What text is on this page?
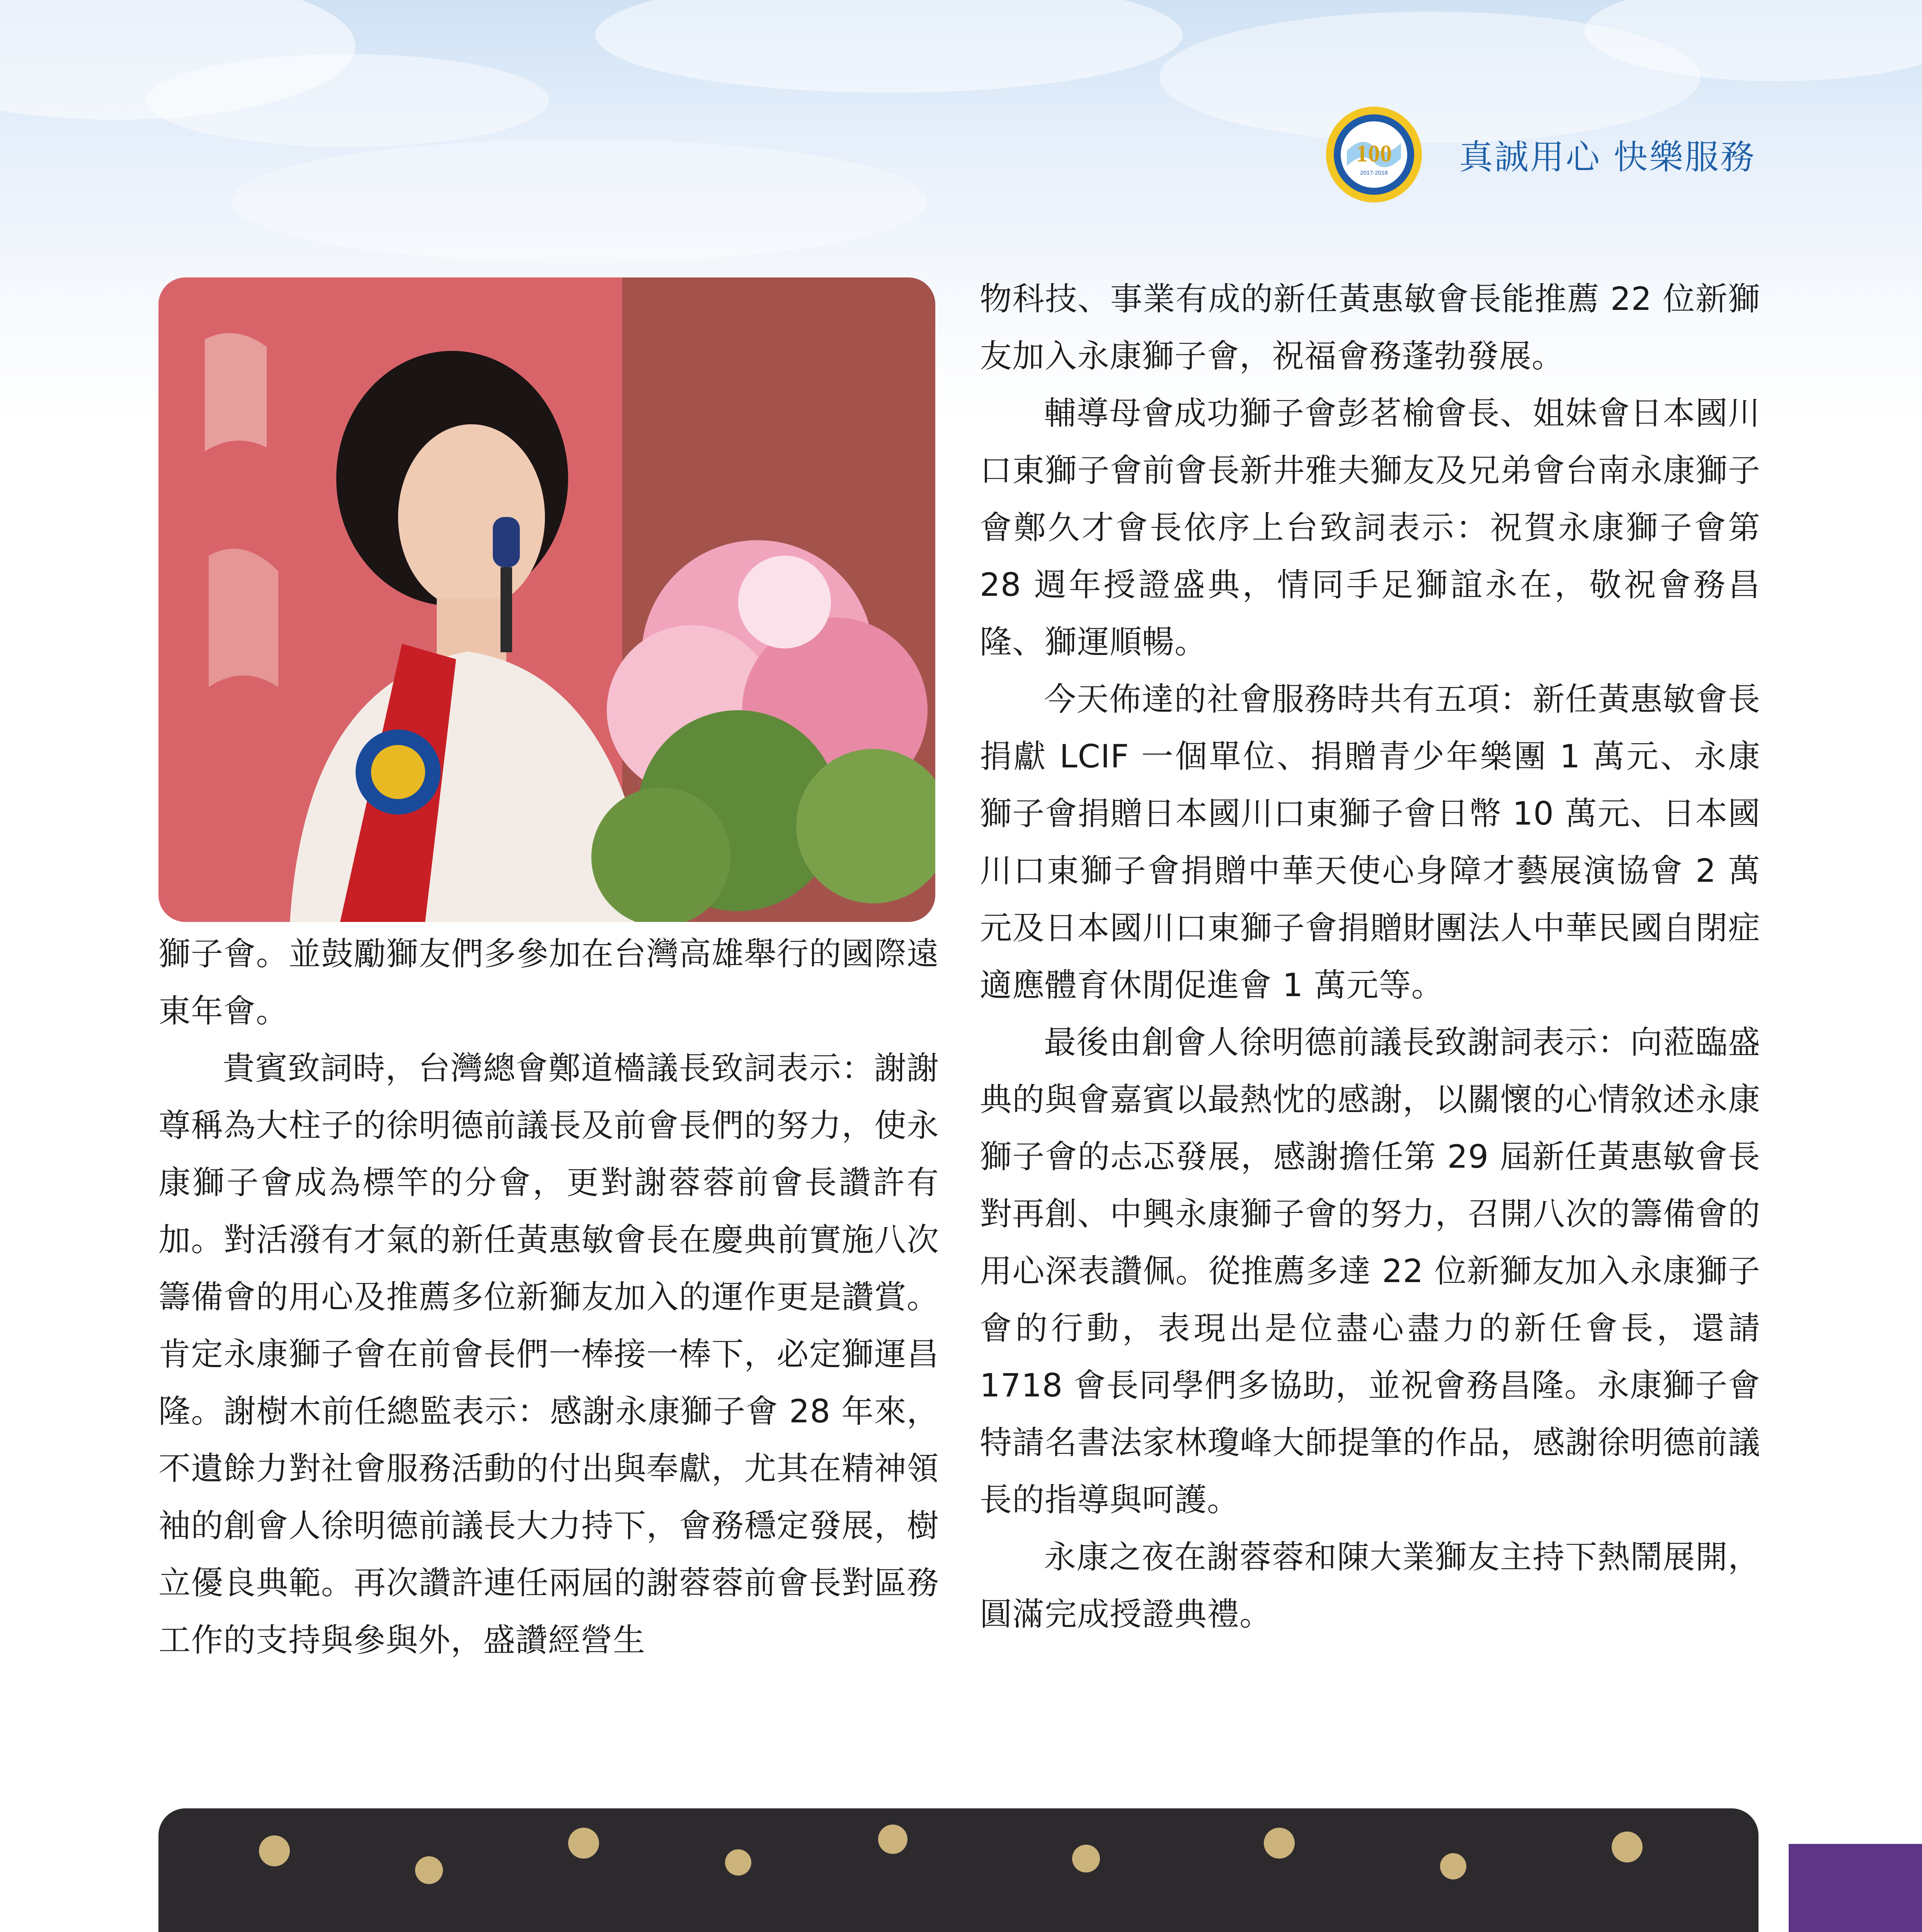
100
2017-2018
300-A1
真誠用心 快樂服務

獅子會。並鼓勵獅友們多參加在台灣高雄舉行的國際遠東年會。

貴賓致詞時，台灣總會鄭道檣議長致詞表示：謝謝尊稱為大柱子的徐明德前議長及前會長們的努力，使永康獅子會成為標竿的分會，更對謝蓉蓉前會長讚許有加。對活潑有才氣的新任黃惠敏會長在慶典前實施八次籌備會的用心及推薦多位新獅友加入的運作更是讚賞。肯定永康獅子會在前會長們一棒接一棒下，必定獅運昌隆。謝樹木前任總監表示：感謝永康獅子會 28 年來，不遺餘力對社會服務活動的付出與奉獻，尤其在精神領袖的創會人徐明德前議長大力持下，會務穩定發展，樹立優良典範。再次讚許連任兩屆的謝蓉蓉前會長對區務工作的支持與參與外，盛讚經營生

物科技、事業有成的新任黃惠敏會長能推薦 22 位新獅友加入永康獅子會，祝福會務蓬勃發展。

輔導母會成功獅子會彭茗榆會長、姐妹會日本國川口東獅子會前會長新井雅夫獅友及兄弟會台南永康獅子會鄭久才會長依序上台致詞表示：祝賀永康獅子會第 28 週年授證盛典，情同手足獅誼永在，敬祝會務昌隆、獅運順暢。

今天佈達的社會服務時共有五項：新任黃惠敏會長捐獻 LCIF 一個單位、捐贈青少年樂團 1 萬元、永康獅子會捐贈日本國川口東獅子會日幣 10 萬元、日本國川口東獅子會捐贈中華天使心身障才藝展演協會 2 萬元及日本國川口東獅子會捐贈財團法人中華民國自閉症適應體育休閒促進會 1 萬元等。

最後由創會人徐明德前議長致謝詞表示：向蒞臨盛典的與會嘉賓以最熱忱的感謝，以關懷的心情敘述永康獅子會的忐忑發展，感謝擔任第 29 屆新任黃惠敏會長對再創、中興永康獅子會的努力，召開八次的籌備會的用心深表讚佩。從推薦多達 22 位新獅友加入永康獅子會的行動，表現出是位盡心盡力的新任會長，還請 1718 會長同學們多協助，並祝會務昌隆。永康獅子會特請名書法家林瓊峰大師提筆的作品，感謝徐明德前議長的指導與呵護。

永康之夜在謝蓉蓉和陳大業獅友主持下熱鬧展開，圓滿完成授證典禮。
